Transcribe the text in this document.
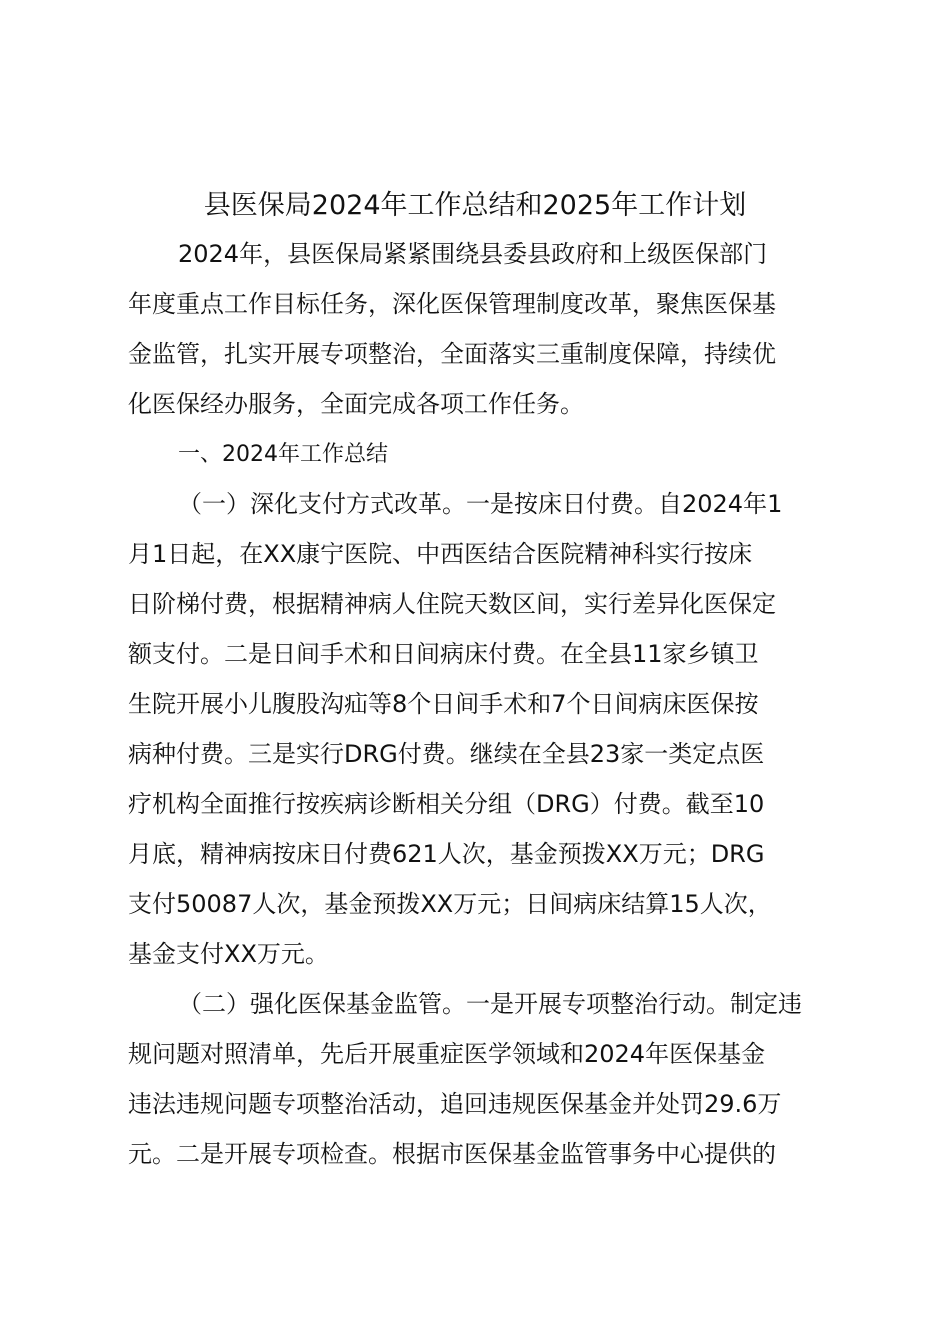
县医保局2024年工作总结和2025年工作计划
2024年，县医保局紧紧围绕县委县政府和上级医保部门
年度重点工作目标任务，深化医保管理制度改革，聚焦医保基
金监管，扎实开展专项整治，全面落实三重制度保障，持续优
化医保经办服务，全面完成各项工作任务。
一、2024年工作总结
（一）深化支付方式改革。一是按床日付费。自2024年1
月1日起，在XX康宁医院、中西医结合医院精神科实行按床
日阶梯付费，根据精神病人住院天数区间，实行差异化医保定
额支付。二是日间手术和日间病床付费。在全县11家乡镇卫
生院开展小儿腹股沟疝等8个日间手术和7个日间病床医保按
病种付费。三是实行DRG付费。继续在全县23家一类定点医
疗机构全面推行按疾病诊断相关分组（DRG）付费。截至10
月底，精神病按床日付费621人次，基金预拨XX万元；DRG
支付50087人次，基金预拨XX万元；日间病床结算15人次，
基金支付XX万元。
（二）强化医保基金监管。一是开展专项整治行动。制定违
规问题对照清单，先后开展重症医学领域和2024年医保基金
违法违规问题专项整治活动，追回违规医保基金并处罚29.6万
元。二是开展专项检查。根据市医保基金监管事务中心提供的
